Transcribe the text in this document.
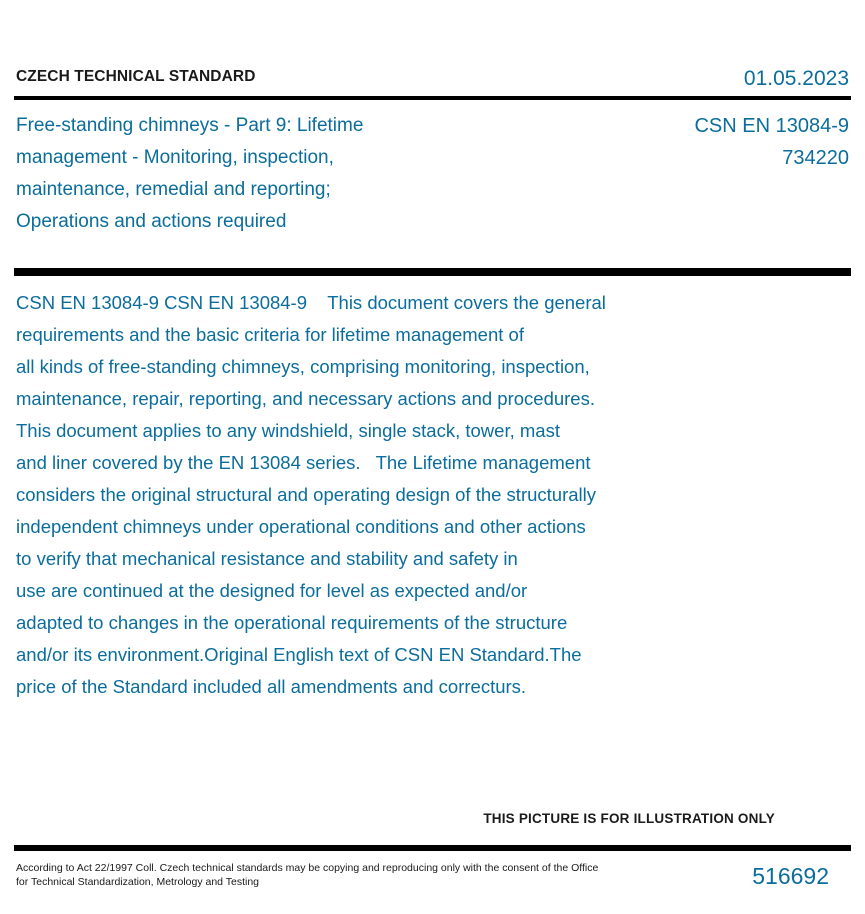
CZECH TECHNICAL STANDARD	01.05.2023
Free-standing chimneys - Part 9: Lifetime
management - Monitoring, inspection,
maintenance, remedial and reporting;
Operations and actions required
CSN EN 13084-9
734220
CSN EN 13084-9 CSN EN 13084-9    This document covers the general
requirements and the basic criteria for lifetime management of
all kinds of free-standing chimneys, comprising monitoring, inspection,
maintenance, repair, reporting, and necessary actions and procedures.
This document applies to any windshield, single stack, tower, mast
and liner covered by the EN 13084 series.   The Lifetime management
considers the original structural and operating design of the structurally
independent chimneys under operational conditions and other actions
to verify that mechanical resistance and stability and safety in
use are continued at the designed for level as expected and/or
adapted to changes in the operational requirements of the structure
and/or its environment.Original English text of CSN EN Standard.The
price of the Standard included all amendments and correcturs.
THIS PICTURE IS FOR ILLUSTRATION ONLY
According to Act 22/1997 Coll. Czech technical standards may be copying and reproducing only with the consent of the Office
for Technical Standardization, Metrology and Testing	516692
